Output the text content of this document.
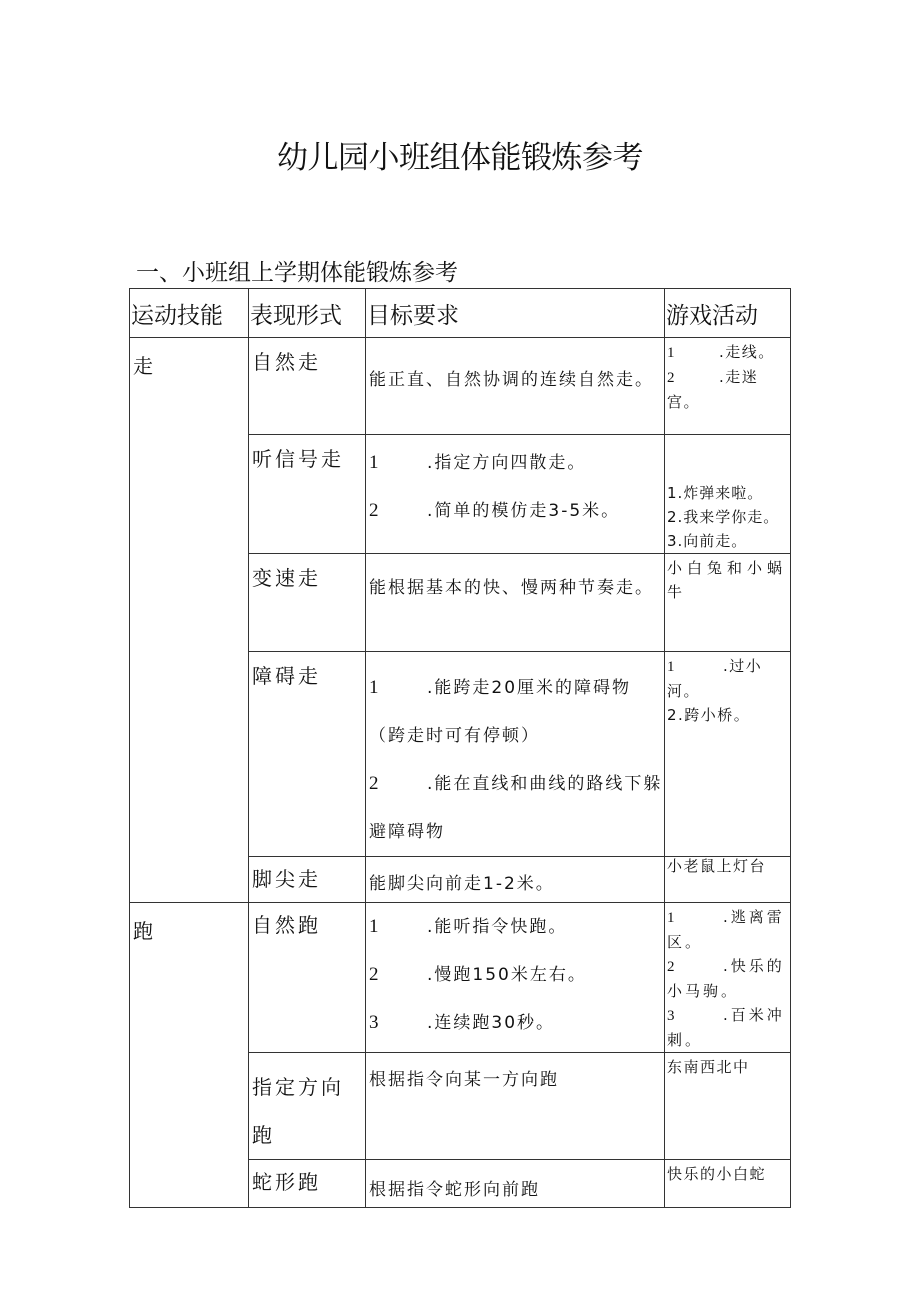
幼儿园小班组体能锻炼参考
一、小班组上学期体能锻炼参考
运动技能	表现形式	目标要求	游戏活动
走	自然走	能正直、自然协调的连续自然走。	1 .走线。
2 .走迷宫。

	听信号走	1 .指定方向四散走。
2 .简单的模仿走3-5米。	1.炸弹来啦。
2.我来学你走。
3.向前走。

	变速走	能根据基本的快、慢两种节奏走。	小白兔和小蜗牛

	障碍走	1 .能跨走20厘米的障碍物（跨走时可有停顿）
2 .能在直线和曲线的路线下躲避障碍物	1 .过小河。
2.跨小桥。

	脚尖走	能脚尖向前走1-2米。	小老鼠上灯台
跑	自然跑	1 .能听指令快跑。
2 .慢跑150米左右。
3 .连续跑30秒。	1 .逃离雷区。
2 .快乐的小马驹。
3 .百米冲刺。

	指定方向跑	根据指令向某一方向跑	东南西北中

	蛇形跑	根据指令蛇形向前跑	快乐的小白蛇
